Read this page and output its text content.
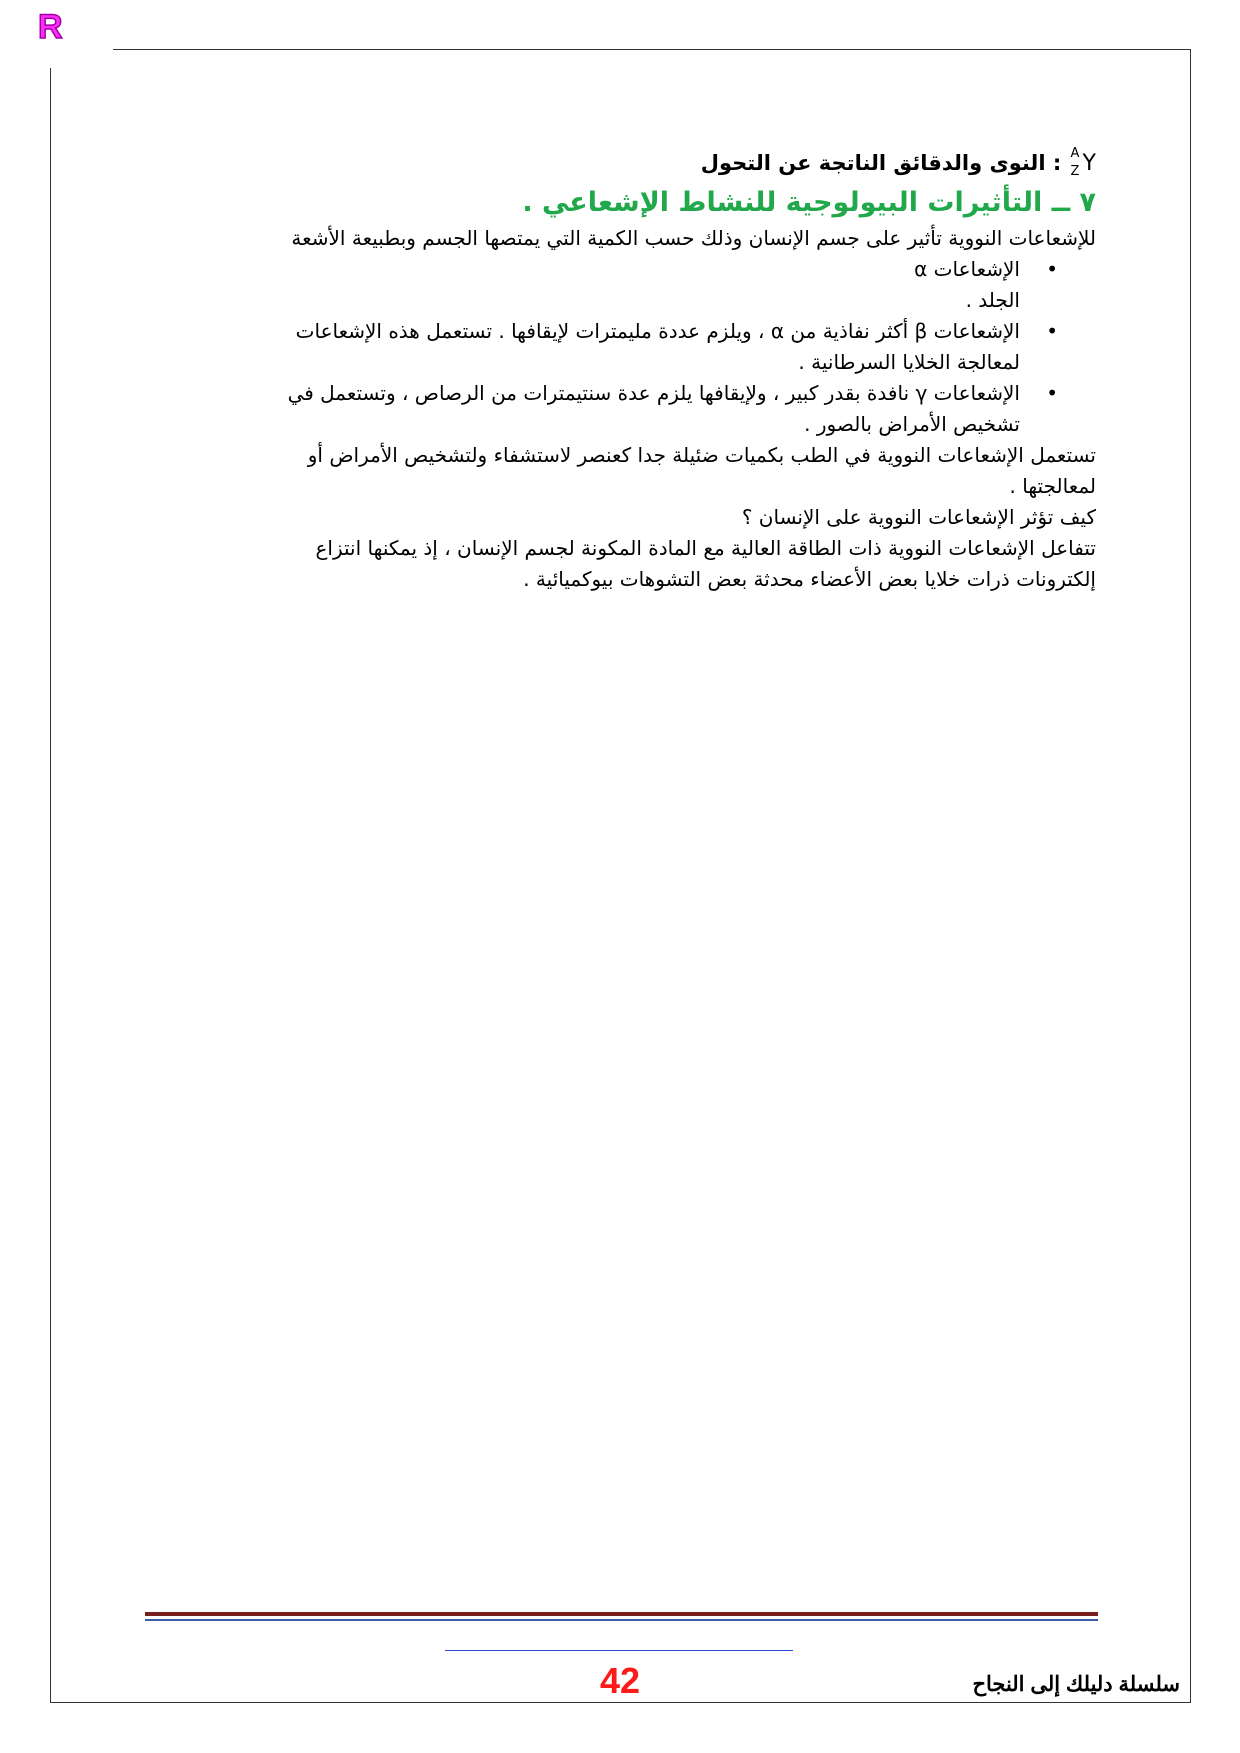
R
A
Z Y : النوى والدقائق الناتجة عن التحول
٧ ــ التأثيرات البيولوجية للنشاط الإشعاعي .

للإشعاعات النووية تأثير على جسم الإنسان وذلك حسب الكمية التي يمتصها الجسم وبطبيعة الأشعة

•
الإشعاعات α
الجلد .
•
الإشعاعات β أكثر نفاذية من α ، ويلزم عددة مليمترات لإيقافها . تستعمل هذه الإشعاعات
لمعالجة الخلايا السرطانية .
•
الإشعاعات γ نافدة بقدر كبير ، ولإيقافها يلزم عدة سنتيمترات من الرصاص ، وتستعمل في
تشخيص الأمراض بالصور .

تستعمل الإشعاعات النووية في الطب بكميات ضئيلة جدا كعنصر لاستشفاء ولتشخيص الأمراض أو

لمعالجتها .

كيف تؤثر الإشعاعات النووية على الإنسان ؟

تتفاعل الإشعاعات النووية ذات الطاقة العالية مع المادة المكونة لجسم الإنسان ، إذ يمكنها انتزاع

إلكترونات ذرات خلايا بعض الأعضاء محدثة بعض التشوهات بيوكميائية .

42	سلسلة دليلك إلى النجاح
